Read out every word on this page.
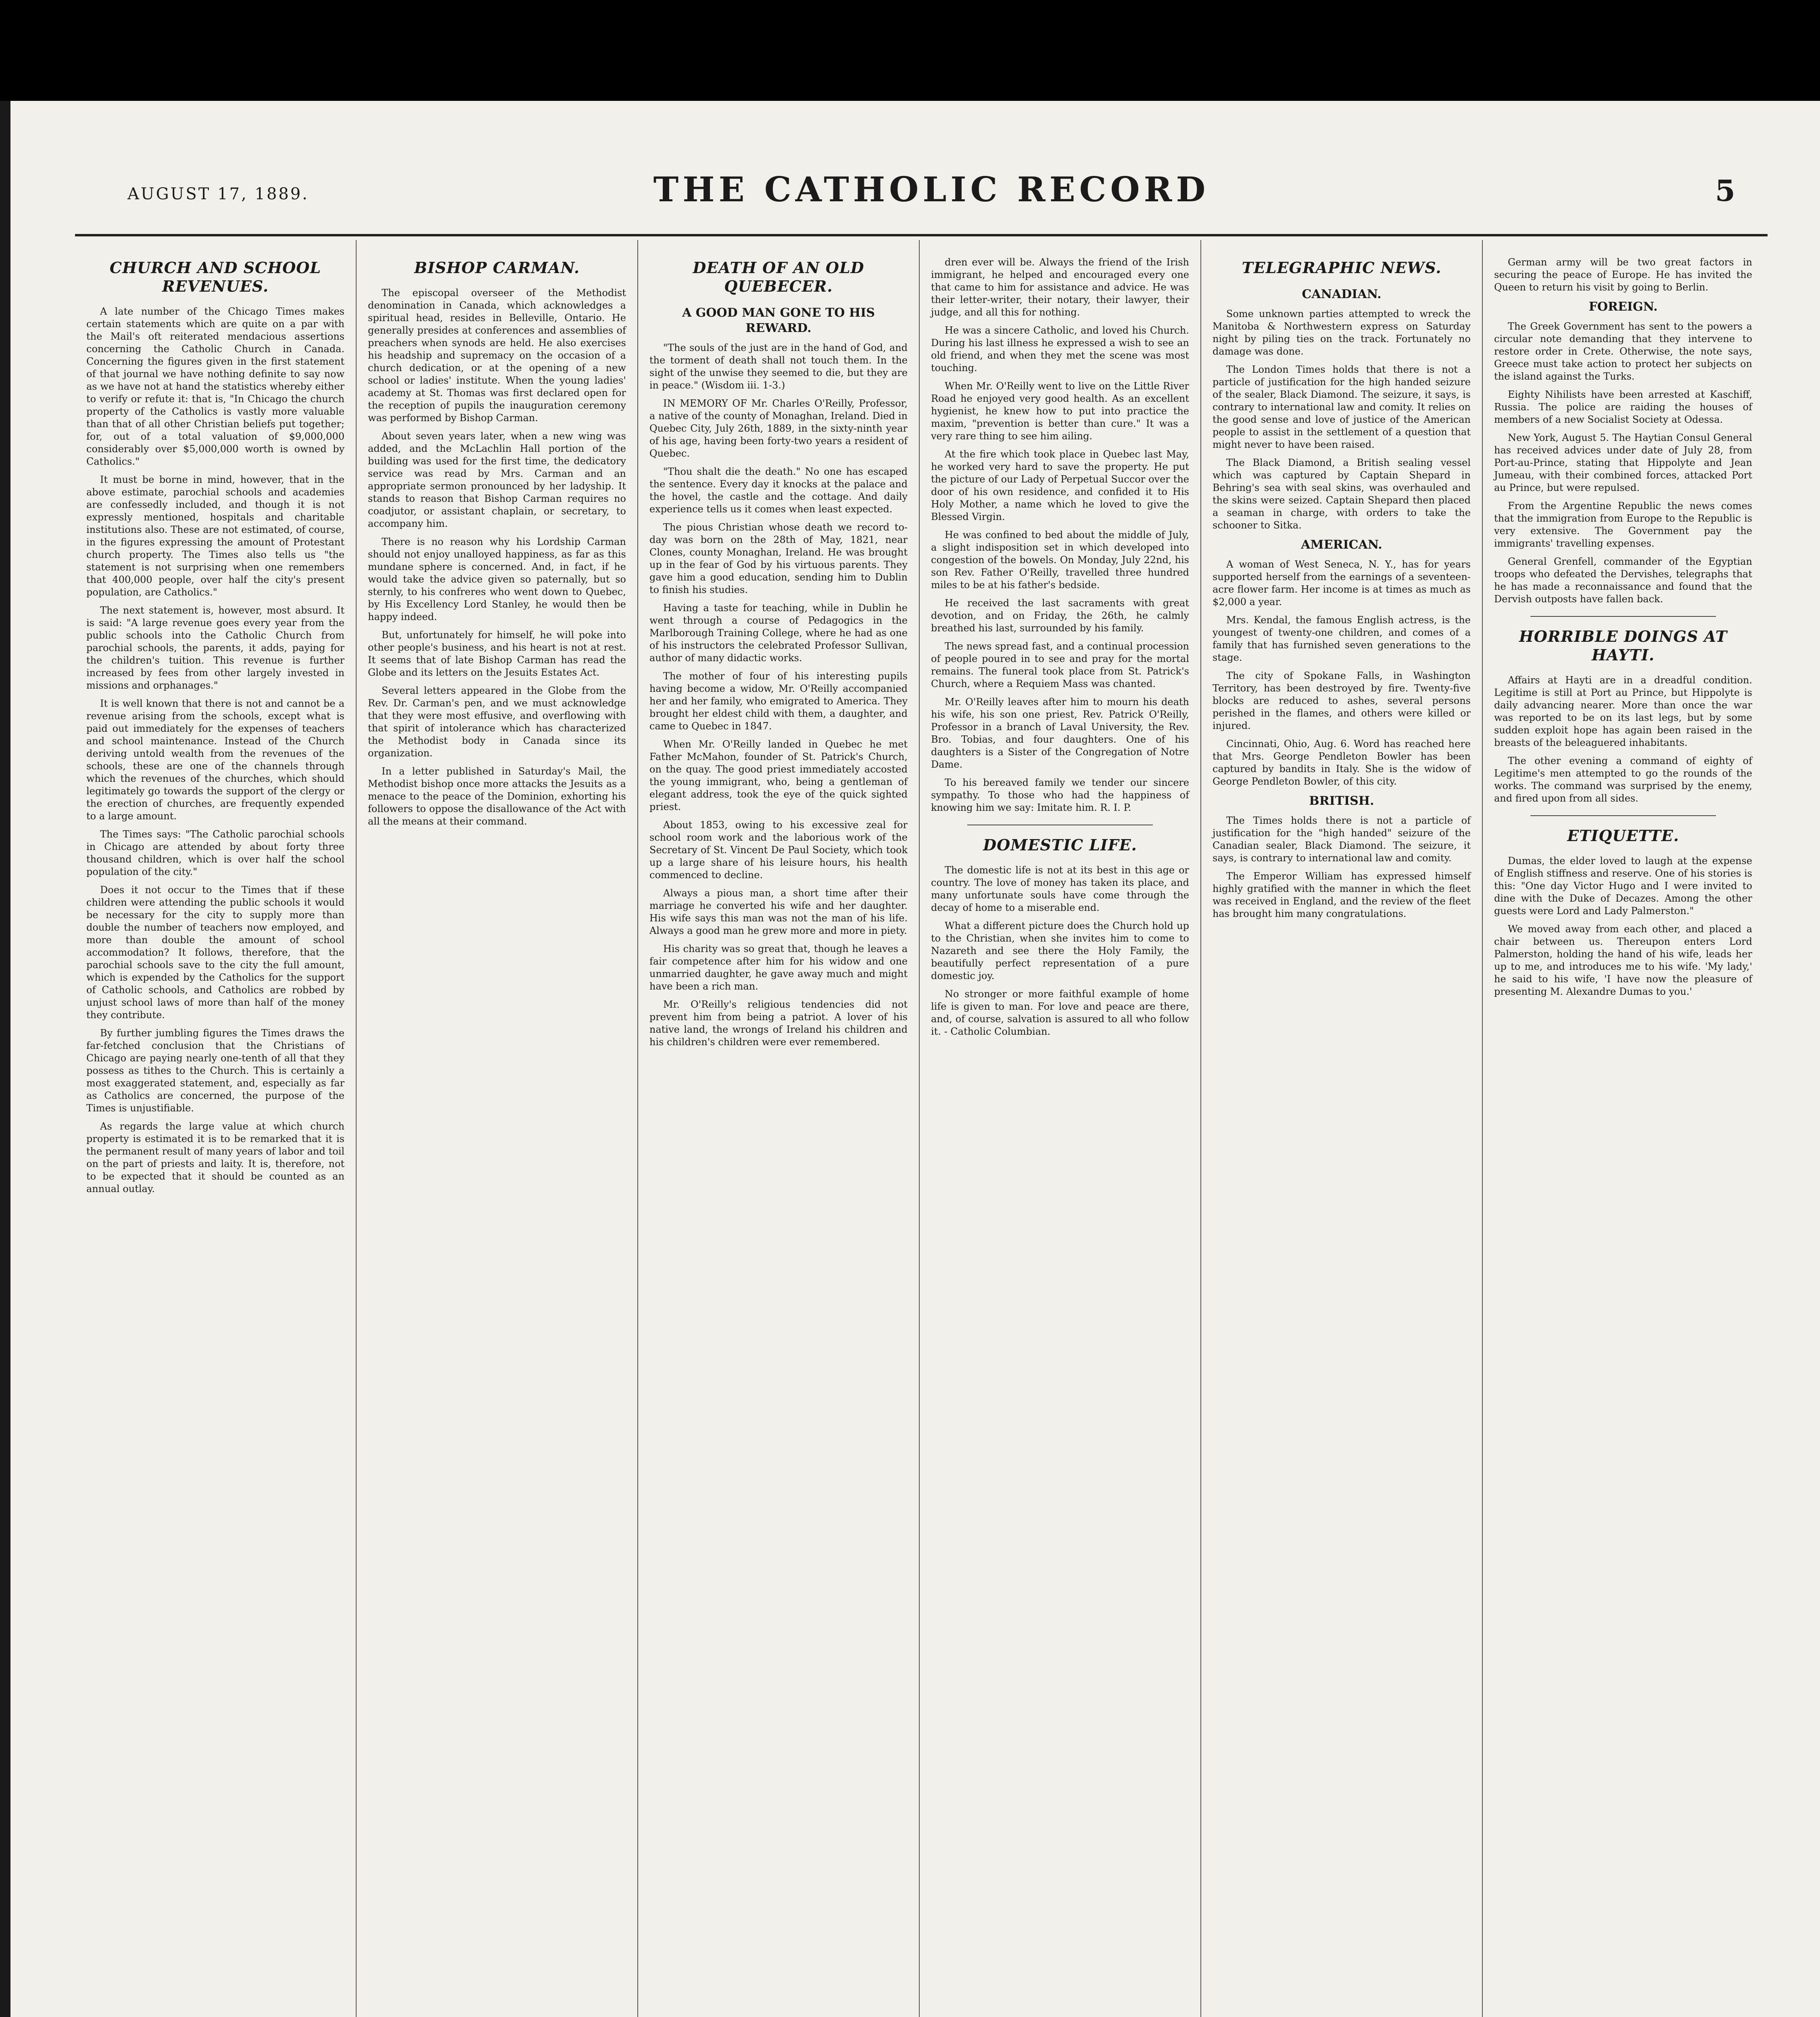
AUGUST 17, 1889.	THE CATHOLIC RECORD	5
CHURCH AND SCHOOL REVENUES.

A late number of the Chicago Times makes certain statements which are quite on a par with the Mail's oft reiterated mendacious assertions concerning the Catholic Church in Canada. Concerning the figures given in the first statement of that journal we have nothing definite to say now as we have not at hand the statistics whereby either to verify or refute it: that is, "In Chicago the church property of the Catholics is vastly more valuable than that of all other Christian beliefs put together; for, out of a total valuation of $9,000,000 considerably over $5,000,000 worth is owned by Catholics."

It must be borne in mind, however, that in the above estimate, parochial schools and academies are confessedly included, and though it is not expressly mentioned, hospitals and charitable institutions also. These are not estimated, of course, in the figures expressing the amount of Protestant church property. The Times also tells us "the statement is not surprising when one remembers that 400,000 people, over half the city's present population, are Catholics."

The next statement is, however, most absurd. It is said: "A large revenue goes every year from the public schools into the Catholic Church from parochial schools, the parents, it adds, paying for the children's tuition. This revenue is further increased by fees from other largely invested in missions and orphanages."

It is well known that there is not and cannot be a revenue arising from the schools, except what is paid out immediately for the expenses of teachers and school maintenance. Instead of the Church deriving untold wealth from the revenues of the schools, these are one of the channels through which the revenues of the churches, which should legitimately go towards the support of the clergy or the erection of churches, are frequently expended to a large amount.

The Times says: "The Catholic parochial schools in Chicago are attended by about forty three thousand children, which is over half the school population of the city."

Does it not occur to the Times that if these children were attending the public schools it would be necessary for the city to supply more than double the number of teachers now employed, and more than double the amount of school accommodation? It follows, therefore, that the parochial schools save to the city the full amount, which is expended by the Catholics for the support of Catholic schools, and Catholics are robbed by unjust school laws of more than half of the money they contribute.

By further jumbling figures the Times draws the far-fetched conclusion that the Christians of Chicago are paying nearly one-tenth of all that they possess as tithes to the Church. This is certainly a most exaggerated statement, and, especially as far as Catholics are concerned, the purpose of the Times is unjustifiable.

As regards the large value at which church property is estimated it is to be remarked that it is the permanent result of many years of labor and toil on the part of priests and laity. It is, therefore, not to be expected that it should be counted as an annual outlay.

BISHOP CARMAN.

The episcopal overseer of the Methodist denomination in Canada, which acknowledges a spiritual head, resides in Belleville, Ontario. He generally presides at conferences and assemblies of preachers when synods are held. He also exercises his headship and supremacy on the occasion of a church dedication, or at the opening of a new school or ladies' institute. When the young ladies' academy at St. Thomas was first declared open for the reception of pupils the inauguration ceremony was performed by Bishop Carman.

About seven years later, when a new wing was added, and the McLachlin Hall portion of the building was used for the first time, the dedicatory service was read by Mrs. Carman and an appropriate sermon pronounced by her ladyship. It stands to reason that Bishop Carman requires no coadjutor, or assistant chaplain, or secretary, to accompany him.

There is no reason why his Lordship Carman should not enjoy unalloyed happiness, as far as this mundane sphere is concerned. And, in fact, if he would take the advice given so paternally, but so sternly, to his confreres who went down to Quebec, by His Excellency Lord Stanley, he would then be happy indeed.

But, unfortunately for himself, he will poke into other people's business, and his heart is not at rest. It seems that of late Bishop Carman has read the Globe and its letters on the Jesuits Estates Act.

Several letters appeared in the Globe from the Rev. Dr. Carman's pen, and we must acknowledge that they were most effusive, and overflowing with that spirit of intolerance which has characterized the Methodist body in Canada since its organization.

In a letter published in Saturday's Mail, the Methodist bishop once more attacks the Jesuits as a menace to the peace of the Dominion, exhorting his followers to oppose the disallowance of the Act with all the means at their command.

DEATH OF AN OLD QUEBECER.
A GOOD MAN GONE TO HIS REWARD.

"The souls of the just are in the hand of God, and the torment of death shall not touch them. In the sight of the unwise they seemed to die, but they are in peace." (Wisdom iii. 1-3.)

IN MEMORY OF Mr. Charles O'Reilly, Professor, a native of the county of Monaghan, Ireland. Died in Quebec City, July 26th, 1889, in the sixty-ninth year of his age, having been forty-two years a resident of Quebec.

"Thou shalt die the death." No one has escaped the sentence. Every day it knocks at the palace and the hovel, the castle and the cottage. And daily experience tells us it comes when least expected.

The pious Christian whose death we record to-day was born on the 28th of May, 1821, near Clones, county Monaghan, Ireland. He was brought up in the fear of God by his virtuous parents. They gave him a good education, sending him to Dublin to finish his studies.

Having a taste for teaching, while in Dublin he went through a course of Pedagogics in the Marlborough Training College, where he had as one of his instructors the celebrated Professor Sullivan, author of many didactic works.

The mother of four of his interesting pupils having become a widow, Mr. O'Reilly accompanied her and her family, who emigrated to America. They brought her eldest child with them, a daughter, and came to Quebec in 1847.

When Mr. O'Reilly landed in Quebec he met Father McMahon, founder of St. Patrick's Church, on the quay. The good priest immediately accosted the young immigrant, who, being a gentleman of elegant address, took the eye of the quick sighted priest.

About 1853, owing to his excessive zeal for school room work and the laborious work of the Secretary of St. Vincent De Paul Society, which took up a large share of his leisure hours, his health commenced to decline.

Always a pious man, a short time after their marriage he converted his wife and her daughter. His wife says this man was not the man of his life. Always a good man he grew more and more in piety.

His charity was so great that, though he leaves a fair competence after him for his widow and one unmarried daughter, he gave away much and might have been a rich man.

Mr. O'Reilly's religious tendencies did not prevent him from being a patriot. A lover of his native land, the wrongs of Ireland his children and his children's children were ever remembered.

dren ever will be. Always the friend of the Irish immigrant, he helped and encouraged every one that came to him for assistance and advice. He was their letter-writer, their notary, their lawyer, their judge, and all this for nothing.

He was a sincere Catholic, and loved his Church. During his last illness he expressed a wish to see an old friend, and when they met the scene was most touching.

When Mr. O'Reilly went to live on the Little River Road he enjoyed very good health. As an excellent hygienist, he knew how to put into practice the maxim, "prevention is better than cure." It was a very rare thing to see him ailing.

At the fire which took place in Quebec last May, he worked very hard to save the property. He put the picture of our Lady of Perpetual Succor over the door of his own residence, and confided it to His Holy Mother, a name which he loved to give the Blessed Virgin.

He was confined to bed about the middle of July, a slight indisposition set in which developed into congestion of the bowels. On Monday, July 22nd, his son Rev. Father O'Reilly, travelled three hundred miles to be at his father's bedside.

He received the last sacraments with great devotion, and on Friday, the 26th, he calmly breathed his last, surrounded by his family.

The news spread fast, and a continual procession of people poured in to see and pray for the mortal remains. The funeral took place from St. Patrick's Church, where a Requiem Mass was chanted.

Mr. O'Reilly leaves after him to mourn his death his wife, his son one priest, Rev. Patrick O'Reilly, Professor in a branch of Laval University, the Rev. Bro. Tobias, and four daughters. One of his daughters is a Sister of the Congregation of Notre Dame.

To his bereaved family we tender our sincere sympathy. To those who had the happiness of knowing him we say: Imitate him. R. I. P.

DOMESTIC LIFE.

The domestic life is not at its best in this age or country. The love of money has taken its place, and many unfortunate souls have come through the decay of home to a miserable end.

What a different picture does the Church hold up to the Christian, when she invites him to come to Nazareth and see there the Holy Family, the beautifully perfect representation of a pure domestic joy.

No stronger or more faithful example of home life is given to man. For love and peace are there, and, of course, salvation is assured to all who follow it. - Catholic Columbian.

TELEGRAPHIC NEWS.
CANADIAN.

Some unknown parties attempted to wreck the Manitoba & Northwestern express on Saturday night by piling ties on the track. Fortunately no damage was done.

The London Times holds that there is not a particle of justification for the high handed seizure of the sealer, Black Diamond. The seizure, it says, is contrary to international law and comity. It relies on the good sense and love of justice of the American people to assist in the settlement of a question that might never to have been raised.

The Black Diamond, a British sealing vessel which was captured by Captain Shepard in Behring's sea with seal skins, was overhauled and the skins were seized. Captain Shepard then placed a seaman in charge, with orders to take the schooner to Sitka.

AMERICAN.

A woman of West Seneca, N. Y., has for years supported herself from the earnings of a seventeen-acre flower farm. Her income is at times as much as $2,000 a year.

Mrs. Kendal, the famous English actress, is the youngest of twenty-one children, and comes of a family that has furnished seven generations to the stage.

The city of Spokane Falls, in Washington Territory, has been destroyed by fire. Twenty-five blocks are reduced to ashes, several persons perished in the flames, and others were killed or injured.

Cincinnati, Ohio, Aug. 6. Word has reached here that Mrs. George Pendleton Bowler has been captured by bandits in Italy. She is the widow of George Pendleton Bowler, of this city.

BRITISH.

The Times holds there is not a particle of justification for the "high handed" seizure of the Canadian sealer, Black Diamond. The seizure, it says, is contrary to international law and comity.

The Emperor William has expressed himself highly gratified with the manner in which the fleet was received in England, and the review of the fleet has brought him many congratulations.

German army will be two great factors in securing the peace of Europe. He has invited the Queen to return his visit by going to Berlin.

FOREIGN.

The Greek Government has sent to the powers a circular note demanding that they intervene to restore order in Crete. Otherwise, the note says, Greece must take action to protect her subjects on the island against the Turks.

Eighty Nihilists have been arrested at Kaschiff, Russia. The police are raiding the houses of members of a new Socialist Society at Odessa.

New York, August 5. The Haytian Consul General has received advices under date of July 28, from Port-au-Prince, stating that Hippolyte and Jean Jumeau, with their combined forces, attacked Port au Prince, but were repulsed.

From the Argentine Republic the news comes that the immigration from Europe to the Republic is very extensive. The Government pay the immigrants' travelling expenses.

General Grenfell, commander of the Egyptian troops who defeated the Dervishes, telegraphs that he has made a reconnaissance and found that the Dervish outposts have fallen back.

HORRIBLE DOINGS AT HAYTI.

Affairs at Hayti are in a dreadful condition. Legitime is still at Port au Prince, but Hippolyte is daily advancing nearer. More than once the war was reported to be on its last legs, but by some sudden exploit hope has again been raised in the breasts of the beleaguered inhabitants.

The other evening a command of eighty of Legitime's men attempted to go the rounds of the works. The command was surprised by the enemy, and fired upon from all sides.

ETIQUETTE.

Dumas, the elder loved to laugh at the expense of English stiffness and reserve. One of his stories is this: "One day Victor Hugo and I were invited to dine with the Duke of Decazes. Among the other guests were Lord and Lady Palmerston."

We moved away from each other, and placed a chair between us. Thereupon enters Lord Palmerston, holding the hand of his wife, leads her up to me, and introduces me to his wife. 'My lady,' he said to his wife, 'I have now the pleasure of presenting M. Alexandre Dumas to you.'
